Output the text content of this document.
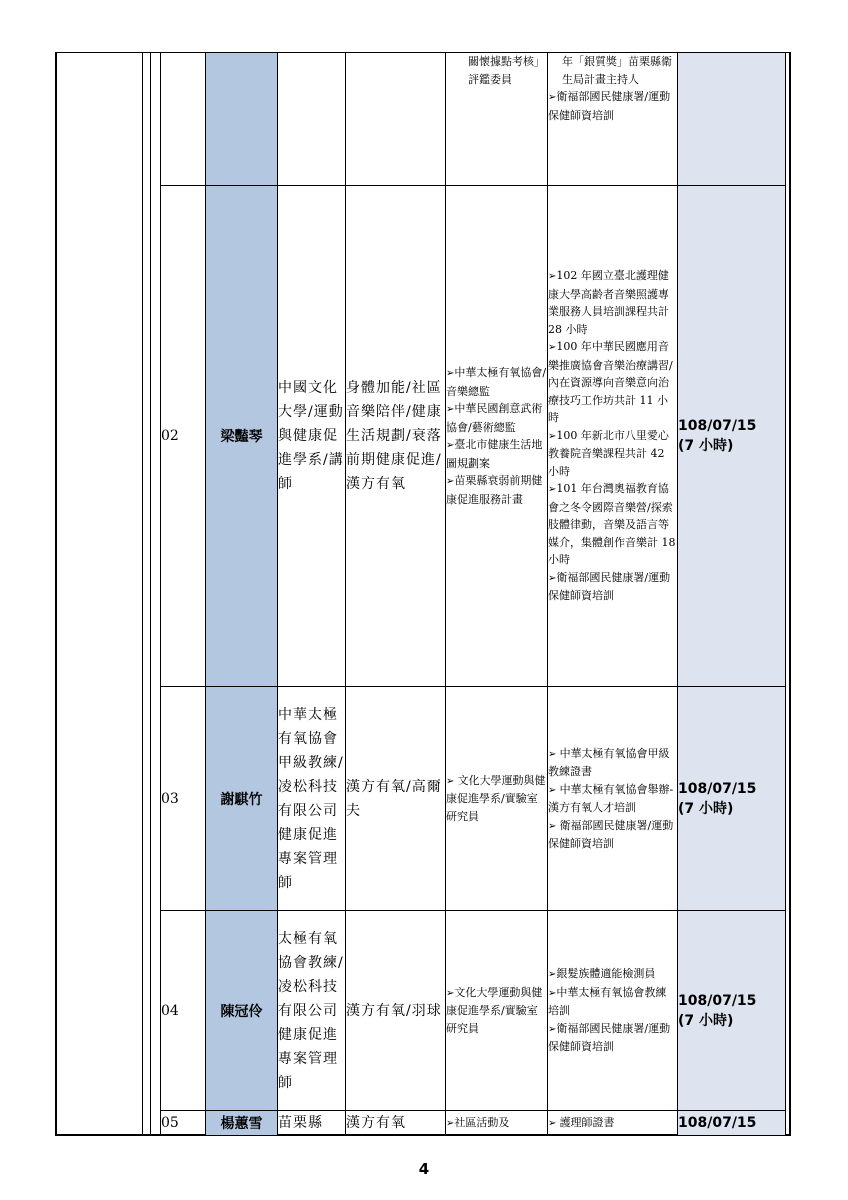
				關懷據點考核」評鑑委員	年「銀質獎」苗栗縣衛生局計畫主持人
➢衛福部國民健康署/運動保健師資培訓	

02	梁豔琴	中國文化大學/運動與健康促進學系/講師	身體加能/社區音樂陪伴/健康生活規劃/衰落前期健康促進/漢方有氧	➢中華太極有氧協會/音樂總監
➢中華民國創意武術協會/藝術總監
➢臺北市健康生活地圖規劃案
➢苗栗縣衰弱前期健康促進服務計畫	➢102 年國立臺北護理健康大學高齡者音樂照護專業服務人員培訓課程共計 28 小時
➢100 年中華民國應用音樂推廣協會音樂治療講習/內在資源導向音樂意向治療技巧工作坊共計 11 小時
➢100 年新北市八里愛心教養院音樂課程共計 42 小時
➢101 年台灣奧福教育協會之冬令國際音樂營/探索肢體律動，音樂及語言等媒介，集體創作音樂計 18 小時
➢衛福部國民健康署/運動保健師資培訓	108/07/15
(7 小時)

03	謝騏竹	中華太極有氧協會甲級教練/凌松科技有限公司健康促進專案管理師	漢方有氧/高爾夫	➢ 文化大學運動與健康促進學系/實驗室研究員	➢ 中華太極有氧協會甲級教練證書
➢ 中華太極有氧協會舉辦-漢方有氧人才培訓
➢ 衛福部國民健康署/運動保健師資培訓	108/07/15
(7 小時)

04	陳冠伶	太極有氧協會教練/凌松科技有限公司健康促進專案管理師	漢方有氧/羽球	➢文化大學運動與健康促進學系/實驗室研究員	➢銀髮族體適能檢測員
➢中華太極有氧協會教練培訓
➢衛福部國民健康署/運動保健師資培訓	108/07/15
(7 小時)

05	楊蕙雪	苗栗縣	漢方有氧	➢社區活動及	➢ 護理師證書	108/07/15
4
